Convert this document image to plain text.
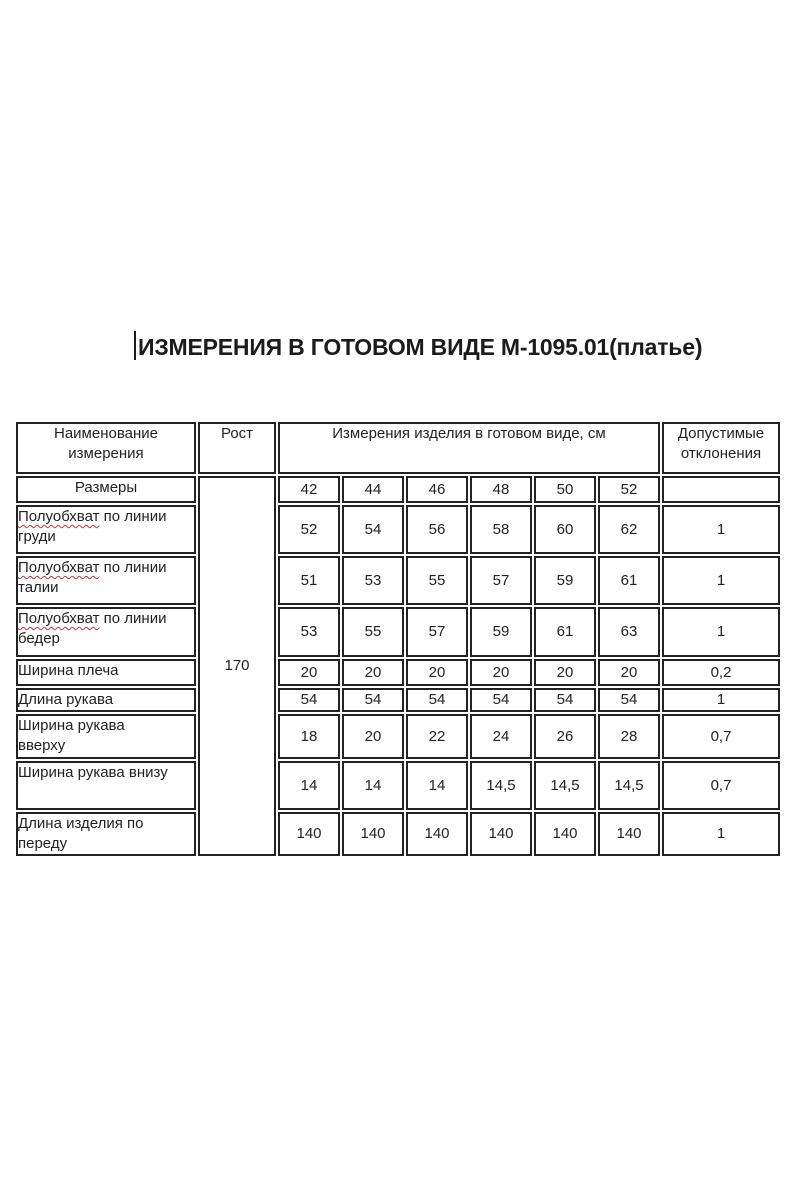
ИЗМЕРЕНИЯ В ГОТОВОМ ВИДЕ М-1095.01(платье)
Наименование измерения	Рост	Измерения изделия в готовом виде, см						Допустимые отклонения

Размеры	170	42	44	46	48	50	52	

Полуобхват по линии груди		52	54	56	58	60	62	1

Полуобхват по линии талии		51	53	55	57	59	61	1

Полуобхват по линии бедер		53	55	57	59	61	63	1

Ширина плеча		20	20	20	20	20	20	0,2

Длина рукава		54	54	54	54	54	54	1

Ширина рукава вверху		18	20	22	24	26	28	0,7

Ширина рукава внизу		14	14	14	14,5	14,5	14,5	0,7

Длина изделия по переду		140	140	140	140	140	140	1
